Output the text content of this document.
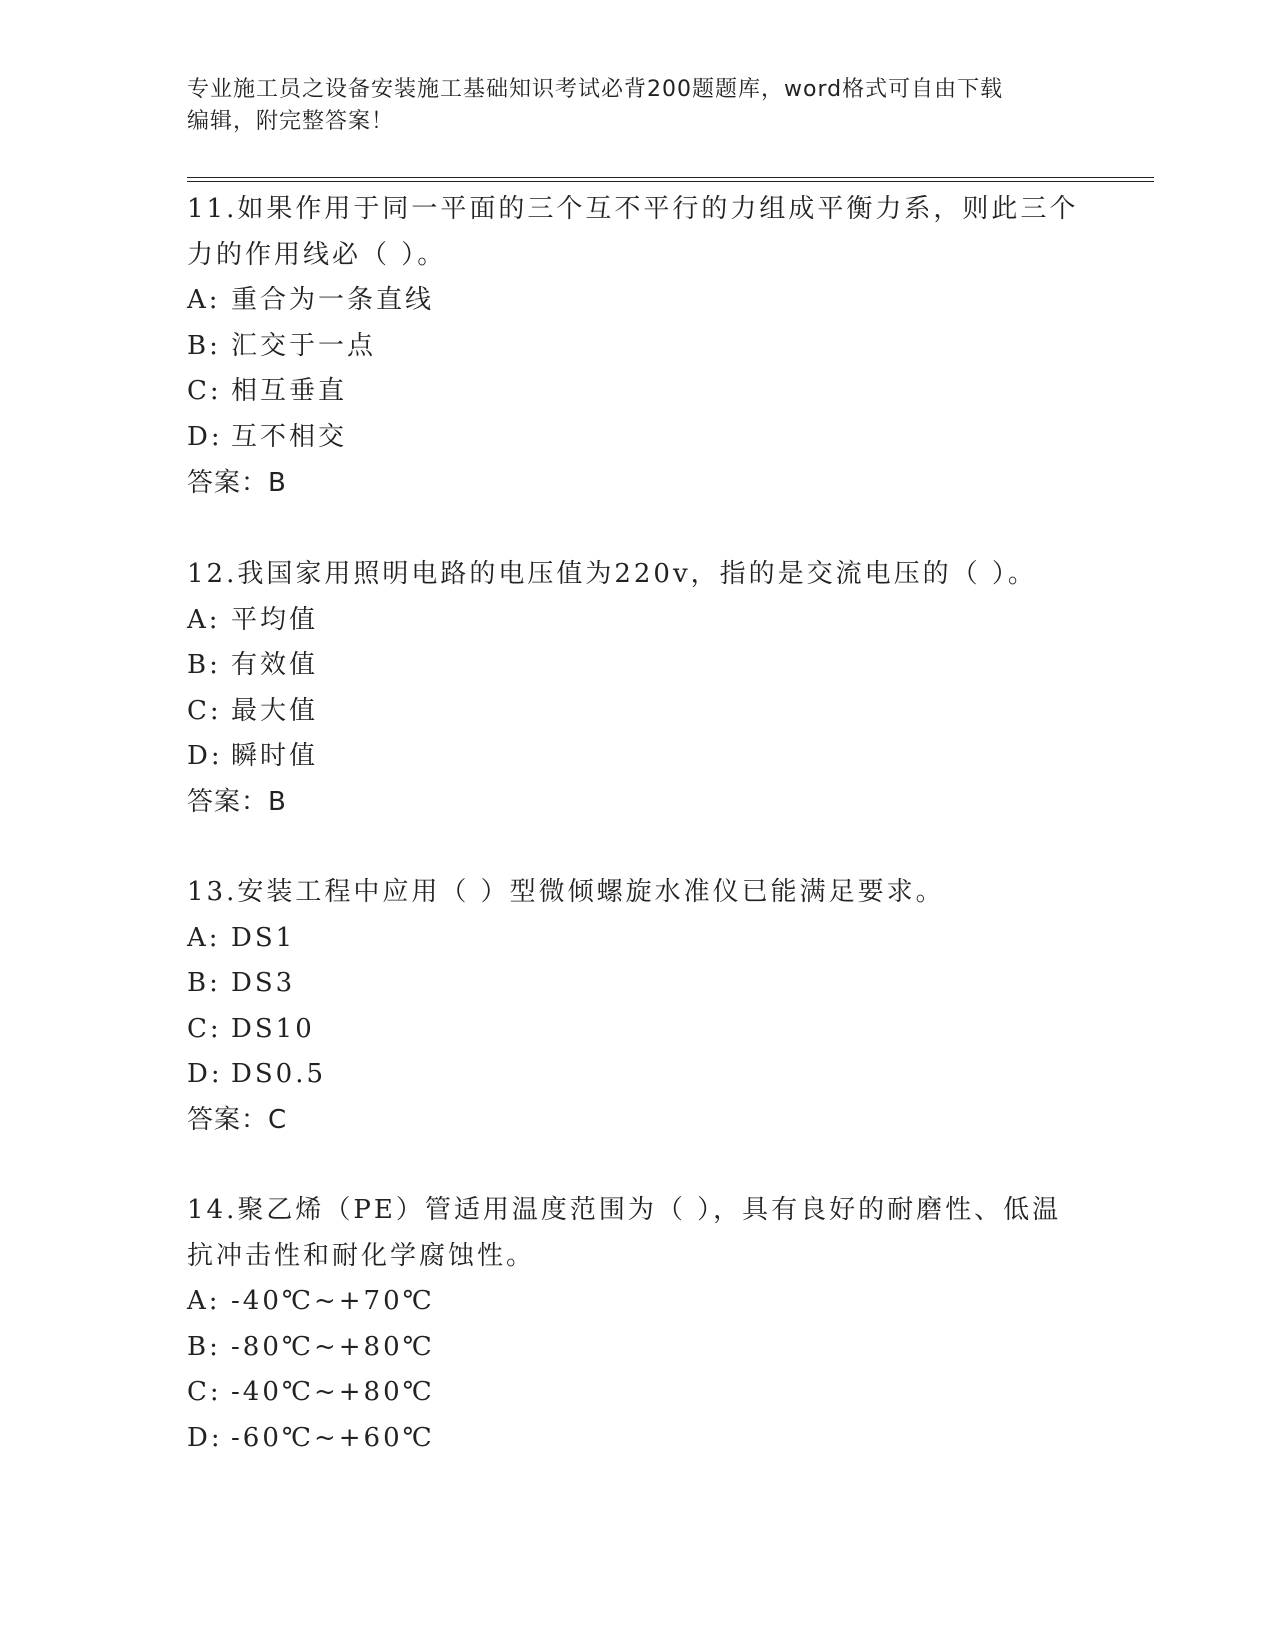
专业施工员之设备安装施工基础知识考试必背200题题库，word格式可自由下载
编辑，附完整答案！
11.如果作用于同一平面的三个互不平行的力组成平衡力系，则此三个
力的作用线必（ ）。
A: 重合为一条直线
B: 汇交于一点
C: 相互垂直
D: 互不相交
答案：B
12.我国家用照明电路的电压值为220v，指的是交流电压的（ ）。
A: 平均值
B: 有效值
C: 最大值
D: 瞬时值
答案：B
13.安装工程中应用（ ）型微倾螺旋水准仪已能满足要求。
A: DS1
B: DS3
C: DS10
D: DS0.5
答案：C
14.聚乙烯（PE）管适用温度范围为（ ），具有良好的耐磨性、低温
抗冲击性和耐化学腐蚀性。
A: -40℃~+70℃
B: -80℃~+80℃
C: -40℃~+80℃
D: -60℃~+60℃
